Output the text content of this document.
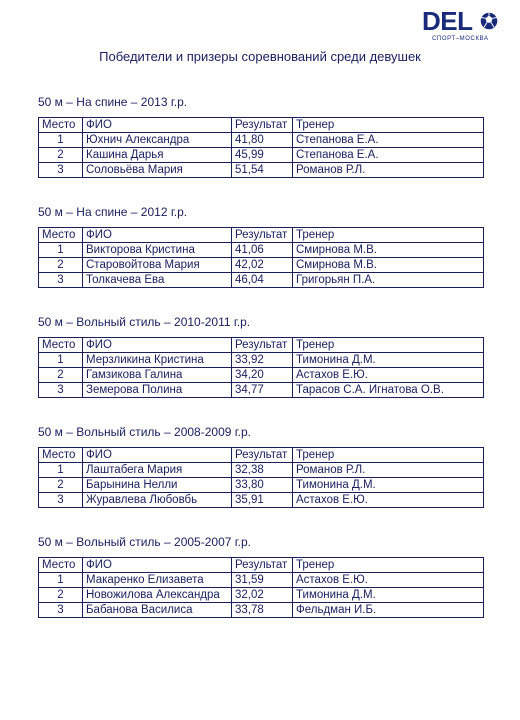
DEL
СПОРТ–МОСКВА
Победители и призеры соревнований среди девушек
50 м – На спине – 2013 г.р.
Место	ФИО	Результат	Тренер
1	Юхнич Александра	41,80	Степанова Е.А.
2	Кашина Дарья	45,99	Степанова Е.А.
3	Соловьёва Мария	51,54	Романов Р.Л.
50 м – На спине – 2012 г.р.
Место	ФИО	Результат	Тренер
1	Викторова Кристина	41,06	Смирнова М.В.
2	Старовойтова Мария	42,02	Смирнова М.В.
3	Толкачева Ева	46,04	Григорьян П.А.
50 м – Вольный стиль – 2010-2011 г.р.
Место	ФИО	Результат	Тренер
1	Мерзликина Кристина	33,92	Тимонина Д.М.
2	Гамзикова Галина	34,20	Астахов Е.Ю.
3	Земерова Полина	34,77	Тарасов С.А. Игнатова О.В.
50 м – Вольный стиль – 2008-2009 г.р.
Место	ФИО	Результат	Тренер
1	Лаштабега Мария	32,38	Романов Р.Л.
2	Барынина Нелли	33,80	Тимонина Д.М.
3	Журавлева Любовбь	35,91	Астахов Е.Ю.
50 м – Вольный стиль – 2005-2007 г.р.
Место	ФИО	Результат	Тренер
1	Макаренко Елизавета	31,59	Астахов Е.Ю.
2	Новожилова Александра	32,02	Тимонина Д.М.
3	Бабанова Василиса	33,78	Фельдман И.Б.
